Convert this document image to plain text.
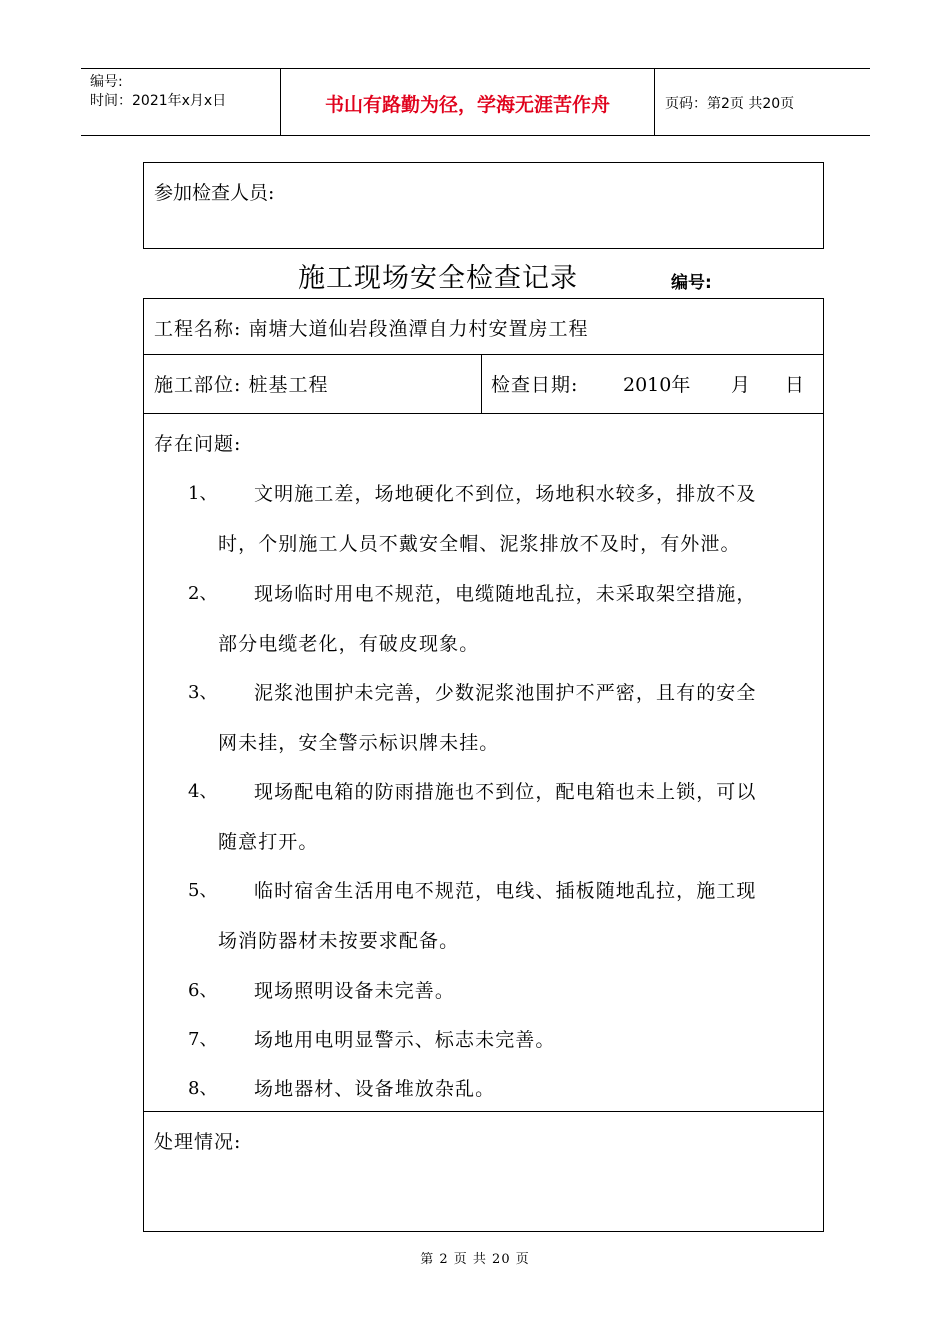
编号:
时间：2021年x月x日	书山有路勤为径，学海无涯苦作舟	页码：第2页 共20页
参加检查人员:
施工现场安全检查记录	编号:
工程名称: 南塘大道仙岩段渔潭自力村安置房工程
施工部位: 桩基工程	检查日期: 2010年 月 日
存在问题:
1、 文明施工差，场地硬化不到位，场地积水较多，排放不及
时，个别施工人员不戴安全帽、泥浆排放不及时，有外泄。
2、 现场临时用电不规范，电缆随地乱拉，未采取架空措施，
部分电缆老化，有破皮现象。
3、 泥浆池围护未完善，少数泥浆池围护不严密，且有的安全
网未挂，安全警示标识牌未挂。
4、 现场配电箱的防雨措施也不到位，配电箱也未上锁，可以
随意打开。
5、 临时宿舍生活用电不规范，电线、插板随地乱拉，施工现
场消防器材未按要求配备。
6、 现场照明设备未完善。
7、 场地用电明显警示、标志未完善。
8、 场地器材、设备堆放杂乱。
处理情况:
第 2 页 共 20 页
